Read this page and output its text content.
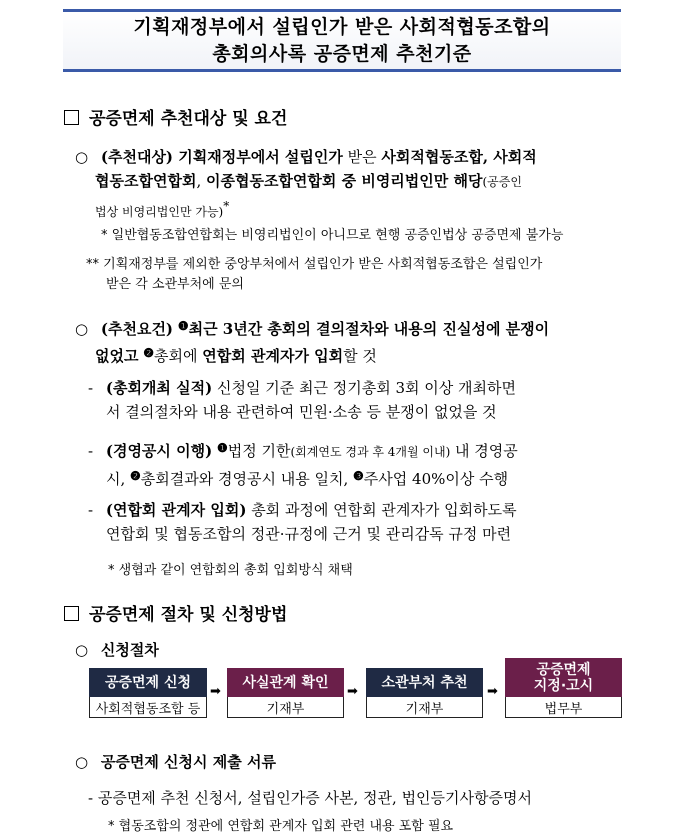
기획재정부에서 설립인가 받은 사회적협동조합의
총회의사록 공증면제 추천기준
공증면제 추천대상 및 요건
○ (추천대상) 기획재정부에서 설립인가 받은 사회적협동조합, 사회적
협동조합연합회, 이종협동조합연합회 중 비영리법인만 해당(공증인
법상 비영리법인만 가능)*
* 일반협동조합연합회는 비영리법인이 아니므로 현행 공증인법상 공증면제 불가능
** 기획재정부를 제외한 중앙부처에서 설립인가 받은 사회적협동조합은 설립인가
받은 각 소관부처에 문의
○ (추천요건) $^❶$최근 3년간 총회의 결의절차와 내용의 진실성에 분쟁이
없었고 $^❷$총회에 연합회 관계자가 입회할 것
- (총회개최 실적) 신청일 기준 최근 정기총회 3회 이상 개최하면
서 결의절차와 내용 관련하여 민원·소송 등 분쟁이 없었을 것
- (경영공시 이행) $^❶$법정 기한(회계연도 경과 후 4개월 이내) 내 경영공
시, $^❷$총회결과와 경영공시 내용 일치, $^❸$주사업 40%이상 수행
- (연합회 관계자 입회) 총회 과정에 연합회 관계자가 입회하도록
연합회 및 협동조합의 정관·규정에 근거 및 관리감독 규정 마련
* 생협과 같이 연합회의 총회 입회방식 채택
공증면제 절차 및 신청방법
○ 신청절차
공증면제 신청
사회적협동조합 등
➡
사실관계 확인
기재부
➡
소관부처 추천
기재부
➡
공증면제
지정·고시
법무부
○ 공증면제 신청시 제출 서류
- 공증면제 추천 신청서, 설립인가증 사본, 정관, 법인등기사항증명서
* 협동조합의 정관에 연합회 관계자 입회 관련 내용 포함 필요
